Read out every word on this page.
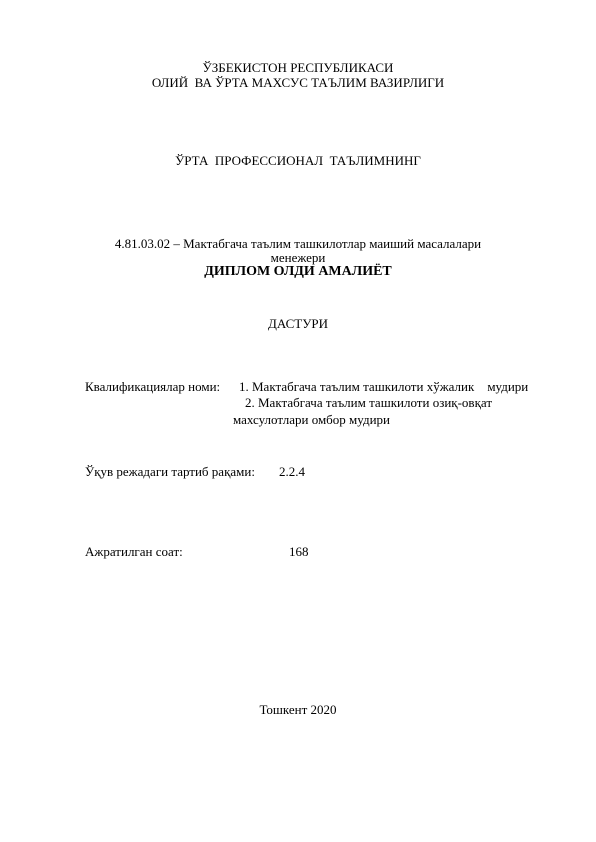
ЎЗБЕКИСТОН РЕСПУБЛИКАСИ
ОЛИЙ  ВА ЎРТА МАХСУС ТАЪЛИМ ВАЗИРЛИГИ
ЎРТА  ПРОФЕССИОНАЛ  ТАЪЛИМНИНГ
4.81.03.02 – Мактабгача таълим ташкилотлар маиший масалалари
менежери
ДИПЛОМ ОЛДИ АМАЛИЁТ
ДАСТУРИ
Квалификациялар номи: 1. Мактабгача таълим ташкилоти хўжалик    мудири
2. Мактабгача таълим ташкилоти озиқ-овқат
махсулотлари омбор мудири
Ўқув режадаги тартиб рақами: 2.2.4
Ажратилган соат:	168
Тошкент 2020
